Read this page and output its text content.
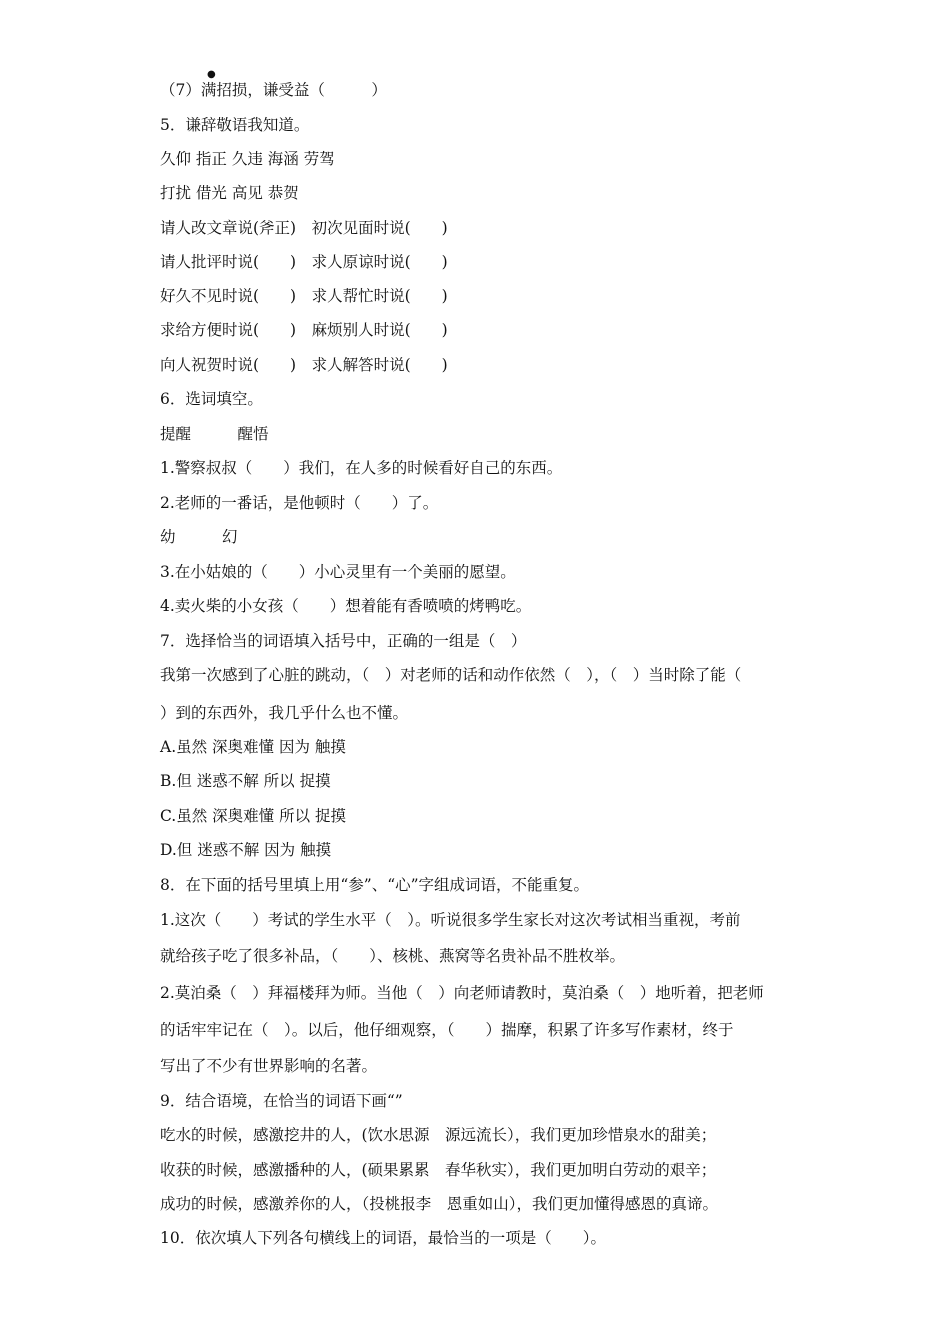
●

（7）满招损，谦受益（　　　）

5．谦辞敬语我知道。

久仰 指正 久违 海涵 劳驾

打扰 借光 高见 恭贺

请人改文章说(斧正)　初次见面时说(　　)

请人批评时说(　　)　求人原谅时说(　　)

好久不见时说(　　)　求人帮忙时说(　　)

求给方便时说(　　)　麻烦别人时说(　　)

向人祝贺时说(　　)　求人解答时说(　　)

6．选词填空。

提醒　　　醒悟

1.警察叔叔（　　）我们，在人多的时候看好自己的东西。

2.老师的一番话，是他顿时（　　）了。

幼　　　幻

3.在小姑娘的（　　）小心灵里有一个美丽的愿望。

4.卖火柴的小女孩（　　）想着能有香喷喷的烤鸭吃。

7．选择恰当的词语填入括号中，正确的一组是（　）

我第一次感到了心脏的跳动，（　）对老师的话和动作依然（　），（　）当时除了能（

）到的东西外，我几乎什么也不懂。

A.虽然 深奥难懂 因为 触摸

B.但 迷惑不解 所以 捉摸

C.虽然 深奥难懂 所以 捉摸

D.但 迷惑不解 因为 触摸

8．在下面的括号里填上用“参”、“心”字组成词语，不能重复。

1.这次（　　）考试的学生水平（　）。听说很多学生家长对这次考试相当重视，考前

就给孩子吃了很多补品，（　　）、核桃、燕窝等名贵补品不胜枚举。

2.莫泊桑（　）拜福楼拜为师。当他（　）向老师请教时，莫泊桑（　）地听着，把老师

的话牢牢记在（　）。以后，他仔细观察，（　　）揣摩，积累了许多写作素材，终于

写出了不少有世界影响的名著。

9．结合语境，在恰当的词语下画“”

吃水的时候，感激挖井的人，(饮水思源　源远流长），我们更加珍惜泉水的甜美；

收获的时候，感激播种的人，(硕果累累　春华秋实），我们更加明白劳动的艰辛；

成功的时候，感激养你的人，（投桃报李　恩重如山），我们更加懂得感恩的真谛。

10．依次填人下列各句横线上的词语，最恰当的一项是（　　）。
